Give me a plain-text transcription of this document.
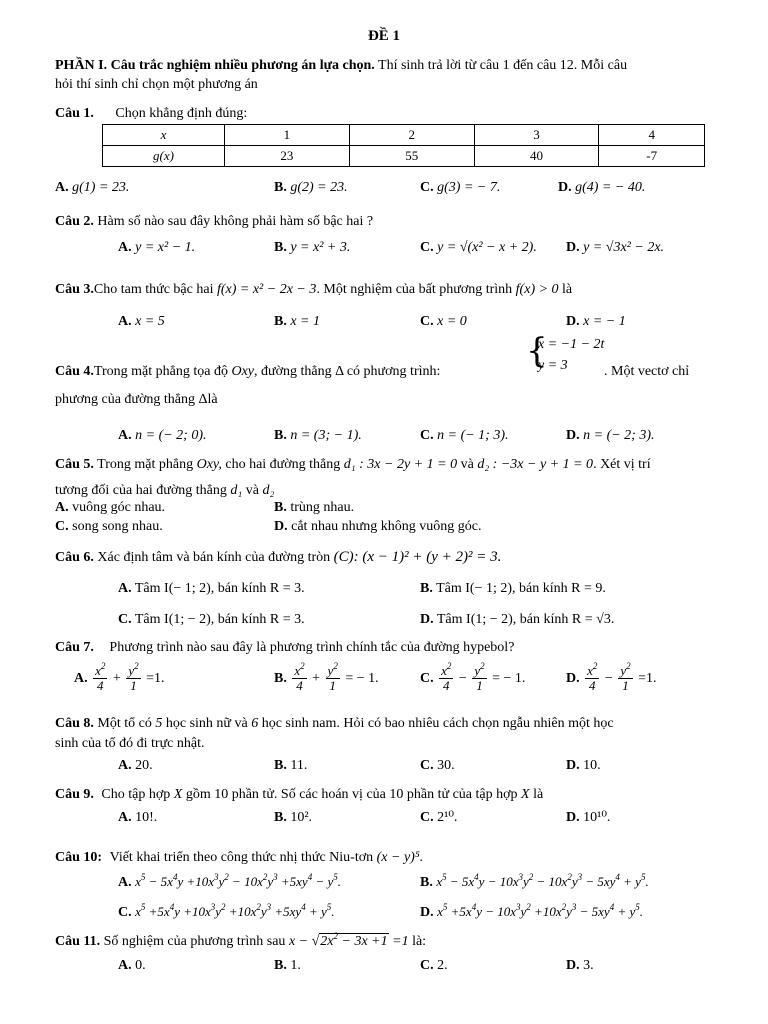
ĐỀ 1
PHẦN I. Câu trắc nghiệm nhiều phương án lựa chọn. Thí sinh trả lời từ câu 1 đến câu 12. Mỗi câu
hỏi thí sinh chỉ chọn một phương án
Câu 1. Chọn khẳng định đúng:
x	1	2	3	4
g(x)	23	55	40	-7
A. g(1) = 23.	B. g(2) = 23.	C. g(3) = − 7.	D. g(4) = − 40.
Câu 2. Hàm số nào sau đây không phải hàm số bậc hai ?
A. y = x² − 1.	B. y = x² + 3.	C. y = √(x² − x + 2). D. y = √3x² − 2x.
Câu 3.Cho tam thức bậc hai f(x) = x² − 2x − 3. Một nghiệm của bất phương trình f(x) > 0 là
A. x = 5	B. x = 1	C. x = 0	D. x = − 1
Câu 4.Trong mặt phẳng tọa độ Oxy, đường thẳng Δ có phương trình:
{
x = −1 − 2t
y = 3	. Một vectơ chỉ
phương của đường thẳng Δlà
A. n = (− 2; 0).	B. n = (3; − 1).	C. n = (− 1; 3).	D. n = (− 2; 3).
Câu 5. Trong mặt phẳng Oxy, cho hai đường thẳng d₁ : 3x − 2y + 1 = 0 và d₂ : −3x − y + 1 = 0. Xét vị trí
tương đối của hai đường thẳng d₁ và d₂
A. vuông góc nhau.	B. trùng nhau.
C. song song nhau.	D. cắt nhau nhưng không vuông góc.
Câu 6. Xác định tâm và bán kính của đường tròn (C): (x − 1)² + (y + 2)² = 3.
A. Tâm I(− 1; 2), bán kính R = 3.	B. Tâm I(− 1; 2), bán kính R = 9.
C. Tâm I(1; − 2), bán kính R = 3.	D. Tâm I(1; − 2), bán kính R = √3.
Câu 7. Phương trình nào sau đây là phương trình chính tắc của đường hypebol?
A. $\frac{x^2}{4} + \frac{y^2}{1} =1$.	B. $\frac{x^2}{4} + \frac{y^2}{1}$ = − 1.	C. $\frac{x^2}{4} - \frac{y^2}{1}$ = − 1.	D. $\frac{x^2}{4} - \frac{y^2}{1} =1$.
Câu 8. Một tổ có 5 học sinh nữ và 6 học sinh nam. Hỏi có bao nhiêu cách chọn ngẫu nhiên một học
sinh của tổ đó đi trực nhật.
A. 20.	B. 11.	C. 30.	D. 10.
Câu 9. Cho tập hợp X gồm 10 phần tử. Số các hoán vị của 10 phần tử của tập hợp X là
A. 10!.	B. 10².	C. 2¹⁰.	D. 10¹⁰.
Câu 10: Viết khai triển theo công thức nhị thức Niu-tơn (x − y)⁵.
A. $x^5 - 5x^4y +10x^3y^2 - 10x^2y^3 +5xy^4 - y^5$.	B. $x^5 - 5x^4y - 10x^3y^2 - 10x^2y^3 - 5xy^4 + y^5$.
C. $x^5 +5x^4y +10x^3y^2 +10x^2y^3 +5xy^4 + y^5$.	D. $x^5 +5x^4y - 10x^3y^2 +10x^2y^3 - 5xy^4 + y^5$.
Câu 11. Số nghiệm của phương trình sau $x - √2x^2 - 3x +1 =1$ là:
A. 0.	B. 1.	C. 2.	D. 3.
